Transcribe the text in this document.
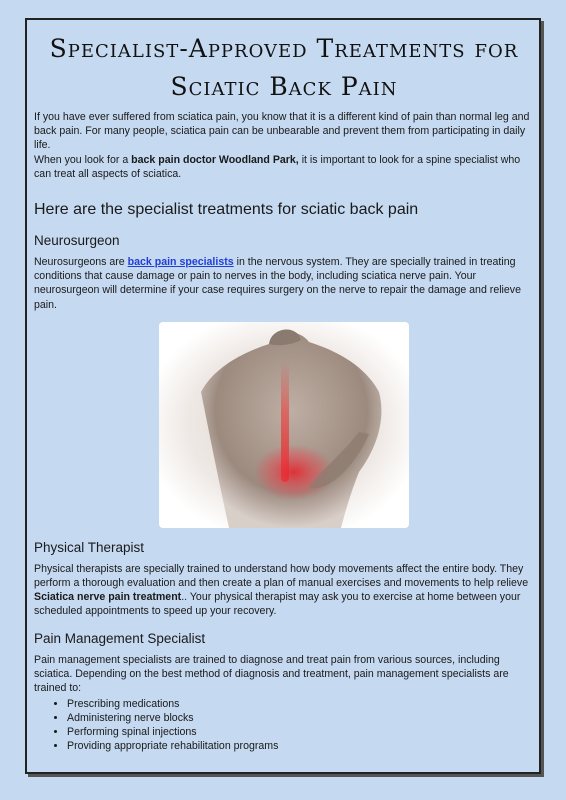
Specialist-Approved Treatments for
Sciatic Back Pain

If you have ever suffered from sciatica pain, you know that it is a different kind of pain than normal leg and back pain. For many people, sciatica pain can be unbearable and prevent them from participating in daily life.

When you look for a back pain doctor Woodland Park, it is important to look for a spine specialist who can treat all aspects of sciatica.

Here are the specialist treatments for sciatic back pain
Neurosurgeon

Neurosurgeons are back pain specialists in the nervous system. They are specially trained in treating conditions that cause damage or pain to nerves in the body, including sciatica nerve pain. Your neurosurgeon will determine if your case requires surgery on the nerve to repair the damage and relieve pain.

Physical Therapist

Physical therapists are specially trained to understand how body movements affect the entire body. They perform a thorough evaluation and then create a plan of manual exercises and movements to help relieve Sciatica nerve pain treatment.. Your physical therapist may ask you to exercise at home between your scheduled appointments to speed up your recovery.

Pain Management Specialist

Pain management specialists are trained to diagnose and treat pain from various sources, including sciatica. Depending on the best method of diagnosis and treatment, pain management specialists are trained to:

• Prescribing medications
• Administering nerve blocks
• Performing spinal injections
• Providing appropriate rehabilitation programs
